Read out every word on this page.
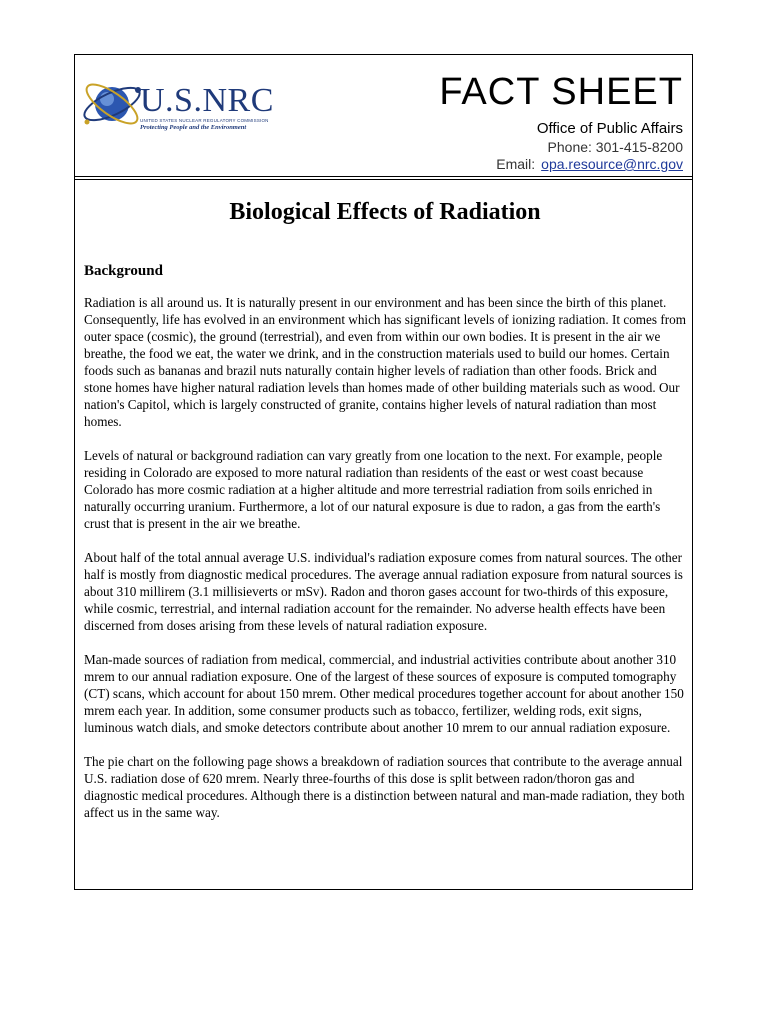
U.S.NRC
UNITED STATES NUCLEAR REGULATORY COMMISSION
Protecting People and the Environment
FACT SHEET
Office of Public Affairs
Phone: 301-415-8200
Email: opa.resource@nrc.gov
Biological Effects of Radiation
Background

Radiation is all around us. It is naturally present in our environment and has been since the birth of this planet. Consequently, life has evolved in an environment which has significant levels of ionizing radiation. It comes from outer space (cosmic), the ground (terrestrial), and even from within our own bodies. It is present in the air we breathe, the food we eat, the water we drink, and in the construction materials used to build our homes. Certain foods such as bananas and brazil nuts naturally contain higher levels of radiation than other foods. Brick and stone homes have higher natural radiation levels than homes made of other building materials such as wood. Our nation's Capitol, which is largely constructed of granite, contains higher levels of natural radiation than most homes.

Levels of natural or background radiation can vary greatly from one location to the next. For example, people residing in Colorado are exposed to more natural radiation than residents of the east or west coast because Colorado has more cosmic radiation at a higher altitude and more terrestrial radiation from soils enriched in naturally occurring uranium. Furthermore, a lot of our natural exposure is due to radon, a gas from the earth's crust that is present in the air we breathe.

About half of the total annual average U.S. individual's radiation exposure comes from natural sources. The other half is mostly from diagnostic medical procedures. The average annual radiation exposure from natural sources is about 310 millirem (3.1 millisieverts or mSv). Radon and thoron gases account for two-thirds of this exposure, while cosmic, terrestrial, and internal radiation account for the remainder. No adverse health effects have been discerned from doses arising from these levels of natural radiation exposure.

Man-made sources of radiation from medical, commercial, and industrial activities contribute about another 310 mrem to our annual radiation exposure. One of the largest of these sources of exposure is computed tomography (CT) scans, which account for about 150 mrem. Other medical procedures together account for about another 150 mrem each year. In addition, some consumer products such as tobacco, fertilizer, welding rods, exit signs, luminous watch dials, and smoke detectors contribute about another 10 mrem to our annual radiation exposure.

The pie chart on the following page shows a breakdown of radiation sources that contribute to the average annual U.S. radiation dose of 620 mrem. Nearly three-fourths of this dose is split between radon/thoron gas and diagnostic medical procedures. Although there is a distinction between natural and man-made radiation, they both affect us in the same way.
